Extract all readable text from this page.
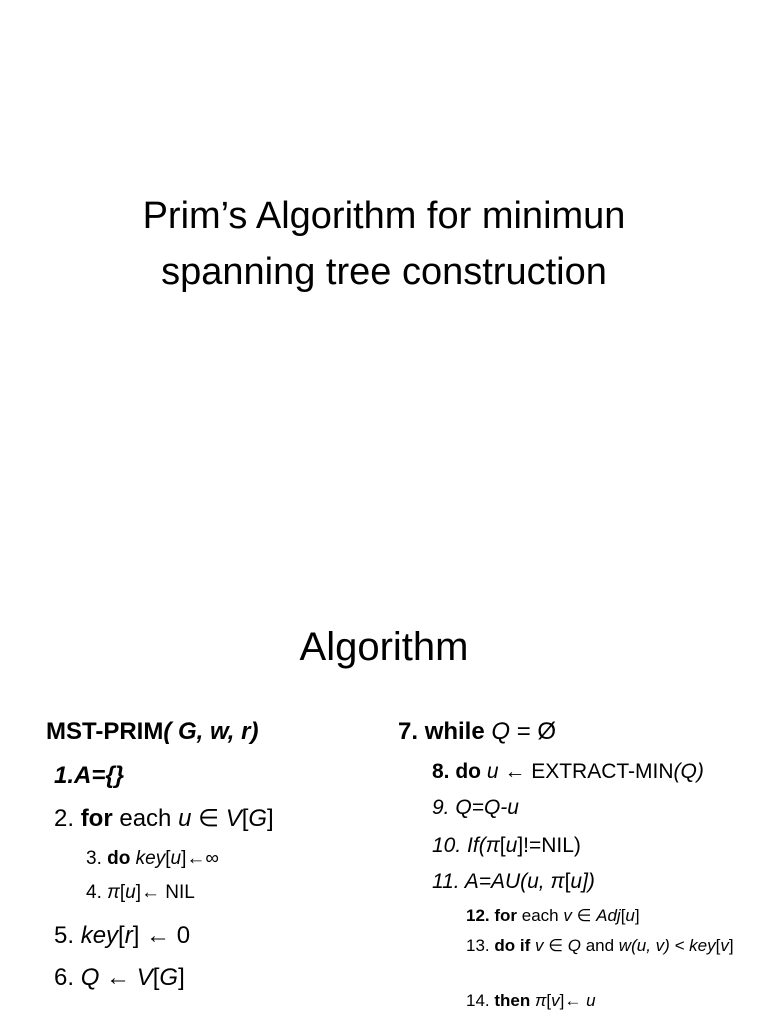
Prim’s Algorithm for minimun
spanning tree construction
Algorithm
MST-PRIM( G, w, r)
1.A={}
2. for each u ∈ V[G]
3. do key[u]←∞
4. π[u]← NIL
5. key[r] ← 0
6. Q ← V[G]
7. while Q = Ø
8. do u ← EXTRACT-MIN(Q)
9. Q=Q-u
10. If(π[u]!=NIL)
11. A=AU(u, π[u])
12. for each v ∈ Adj[u]
13. do if v ∈ Q and w(u, v) < key[v]
14. then π[v]← u
